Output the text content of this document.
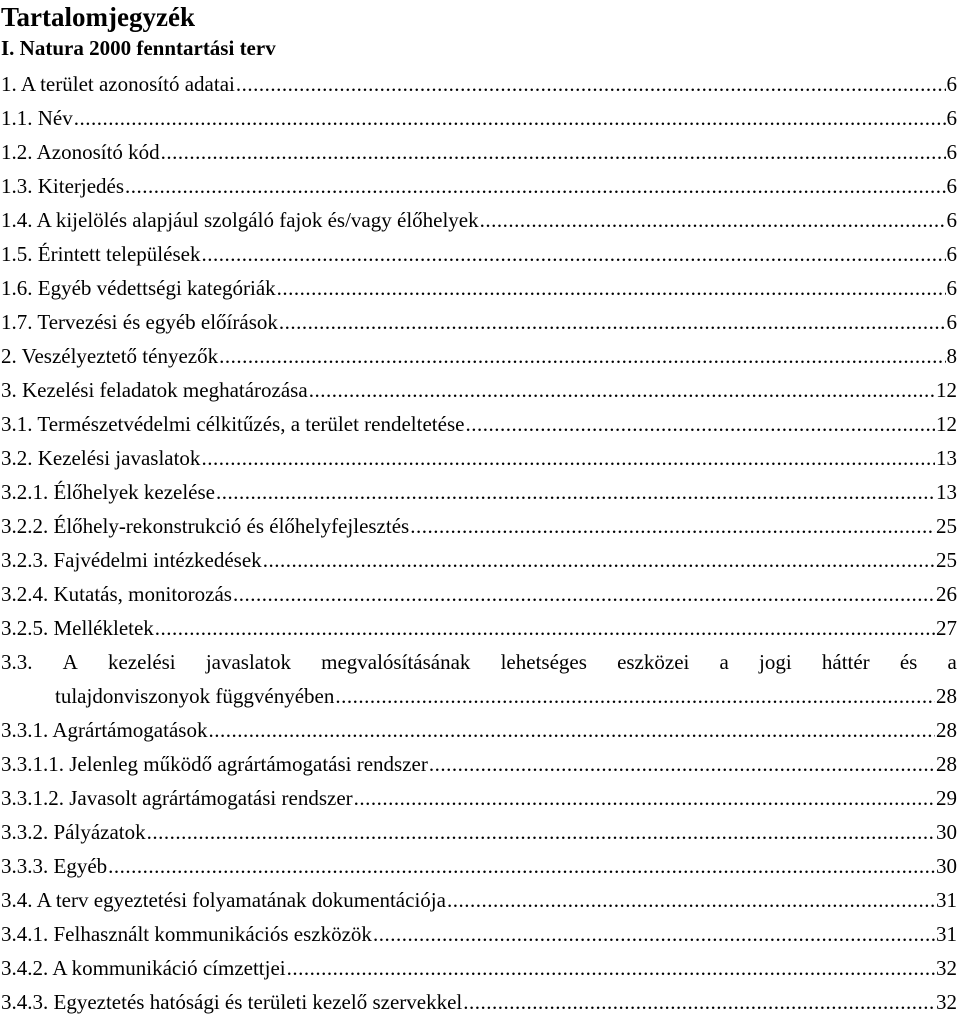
Tartalomjegyzék
I. Natura 2000 fenntartási terv
1. A terület azonosító adatai .....	6
1.1. Név .....	6
1.2. Azonosító kód .....	6
1.3. Kiterjedés .....	6
1.4. A kijelölés alapjául szolgáló fajok és/vagy élőhelyek .....	6
1.5. Érintett települések .....	6
1.6. Egyéb védettségi kategóriák .....	6
1.7. Tervezési és egyéb előírások .....	6
2. Veszélyeztető tényezők .....	8
3. Kezelési feladatok meghatározása .....	12
3.1. Természetvédelmi célkitűzés, a terület rendeltetése .....	12
3.2. Kezelési javaslatok .....	13
3.2.1. Élőhelyek kezelése .....	13
3.2.2. Élőhely-rekonstrukció és élőhelyfejlesztés .....	25
3.2.3. Fajvédelmi intézkedések .....	25
3.2.4. Kutatás, monitorozás .....	26
3.2.5. Mellékletek .....	27
3.3. A kezelési javaslatok megvalósításának lehetséges eszközei a jogi háttér és a
tulajdonviszonyok függvényében .....	28
3.3.1. Agrártámogatások .....	28
3.3.1.1. Jelenleg működő agrártámogatási rendszer .....	28
3.3.1.2. Javasolt agrártámogatási rendszer .....	29
3.3.2. Pályázatok .....	30
3.3.3. Egyéb .....	30
3.4. A terv egyeztetési folyamatának dokumentációja .....	31
3.4.1. Felhasznált kommunikációs eszközök .....	31
3.4.2. A kommunikáció címzettjei .....	32
3.4.3. Egyeztetés hatósági és területi kezelő szervekkel .....	32
